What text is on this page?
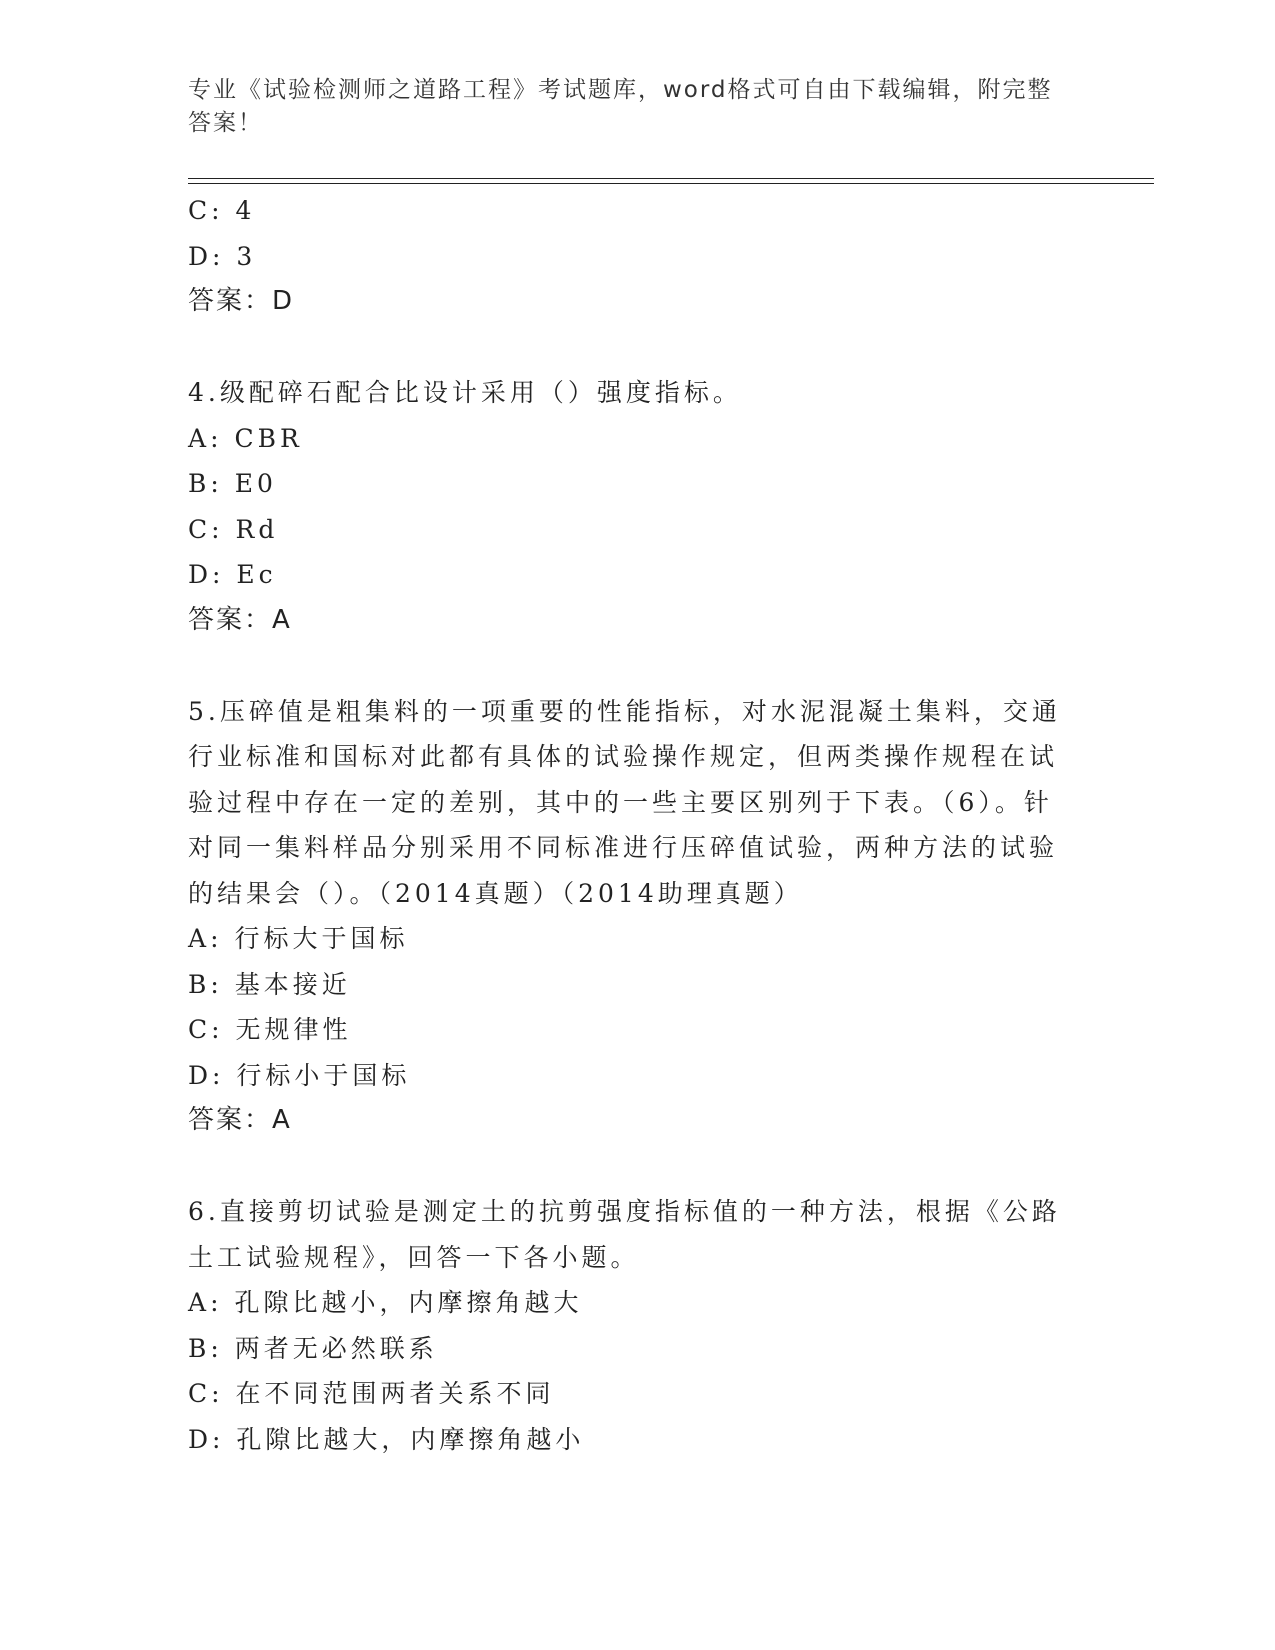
专业《试验检测师之道路工程》考试题库，word格式可自由下载编辑，附完整答案！
C: 4
D: 3
答案：D
4.级配碎石配合比设计采用（）强度指标。
A: CBR
B: E0
C: Rd
D: Ec
答案：A
5.压碎值是粗集料的一项重要的性能指标，对水泥混凝土集料，交通行业标准和国标对此都有具体的试验操作规定，但两类操作规程在试验过程中存在一定的差别，其中的一些主要区别列于下表。（6）。针对同一集料样品分别采用不同标准进行压碎值试验，两种方法的试验的结果会（）。（2014真题）（2014助理真题）
A: 行标大于国标
B: 基本接近
C: 无规律性
D: 行标小于国标
答案：A
6.直接剪切试验是测定土的抗剪强度指标值的一种方法，根据《公路土工试验规程》，回答一下各小题。
A: 孔隙比越小，内摩擦角越大
B: 两者无必然联系
C: 在不同范围两者关系不同
D: 孔隙比越大，内摩擦角越小
